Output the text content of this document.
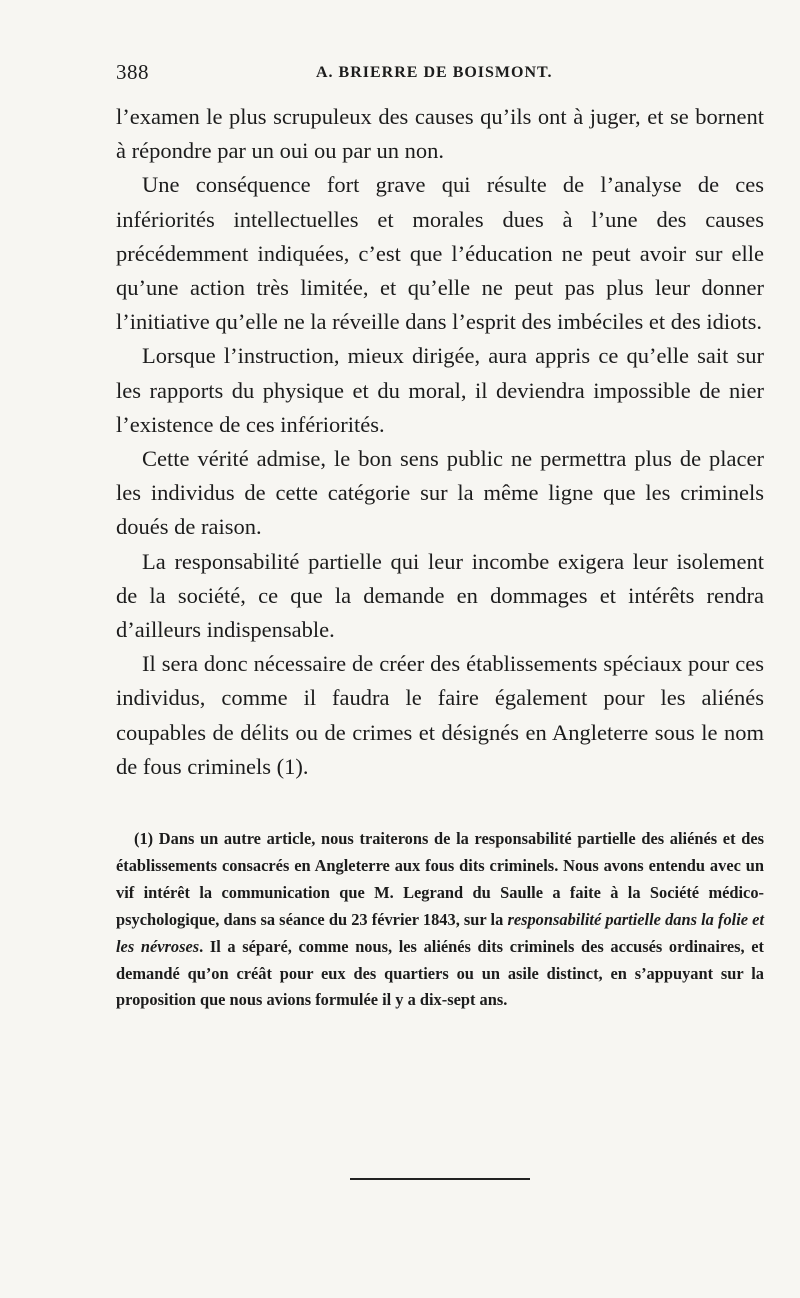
388	A. BRIERRE DE BOISMONT.

l’examen le plus scrupuleux des causes qu’ils ont à juger, et se bornent à répondre par un oui ou par un non.

Une conséquence fort grave qui résulte de l’analyse de ces infériorités intellectuelles et morales dues à l’une des causes précédemment indiquées, c’est que l’éducation ne peut avoir sur elle qu’une action très limitée, et qu’elle ne peut pas plus leur donner l’initiative qu’elle ne la réveille dans l’esprit des imbéciles et des idiots.

Lorsque l’instruction, mieux dirigée, aura appris ce qu’elle sait sur les rapports du physique et du moral, il deviendra impossible de nier l’existence de ces infériorités.

Cette vérité admise, le bon sens public ne permettra plus de placer les individus de cette catégorie sur la même ligne que les criminels doués de raison.

La responsabilité partielle qui leur incombe exigera leur isolement de la société, ce que la demande en dommages et intérêts rendra d’ailleurs indispensable.

Il sera donc nécessaire de créer des établissements spéciaux pour ces individus, comme il faudra le faire également pour les aliénés coupables de délits ou de crimes et désignés en Angleterre sous le nom de fous criminels (1).

(1) Dans un autre article, nous traiterons de la responsabilité partielle des aliénés et des établissements consacrés en Angleterre aux fous dits criminels. Nous avons entendu avec un vif intérêt la communication que M. Legrand du Saulle a faite à la Société médico-psychologique, dans sa séance du 23 février 1843, sur la responsabilité partielle dans la folie et les névroses. Il a séparé, comme nous, les aliénés dits criminels des accusés ordinaires, et demandé qu’on créât pour eux des quartiers ou un asile distinct, en s’appuyant sur la proposition que nous avions formulée il y a dix-sept ans.
